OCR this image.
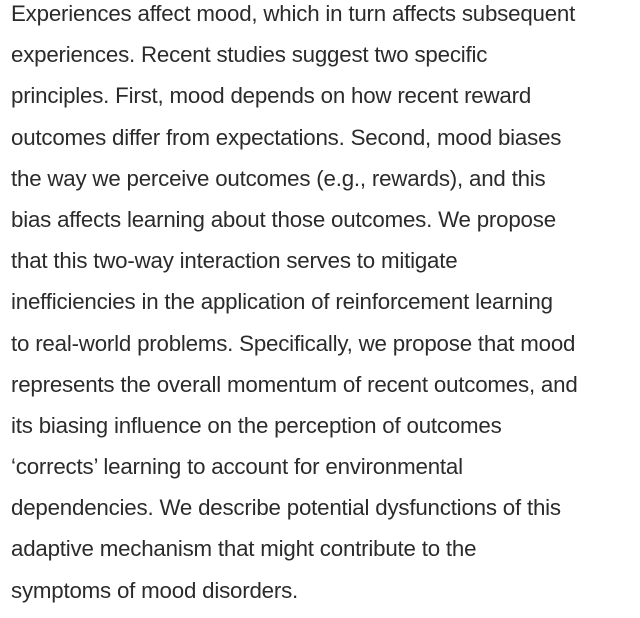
Experiences affect mood, which in turn affects subsequent
experiences. Recent studies suggest two specific
principles. First, mood depends on how recent reward
outcomes differ from expectations. Second, mood biases
the way we perceive outcomes (e.g., rewards), and this
bias affects learning about those outcomes. We propose
that this two-way interaction serves to mitigate
inefficiencies in the application of reinforcement learning
to real-world problems. Specifically, we propose that mood
represents the overall momentum of recent outcomes, and
its biasing influence on the perception of outcomes
‘corrects’ learning to account for environmental
dependencies. We describe potential dysfunctions of this
adaptive mechanism that might contribute to the
symptoms of mood disorders.
